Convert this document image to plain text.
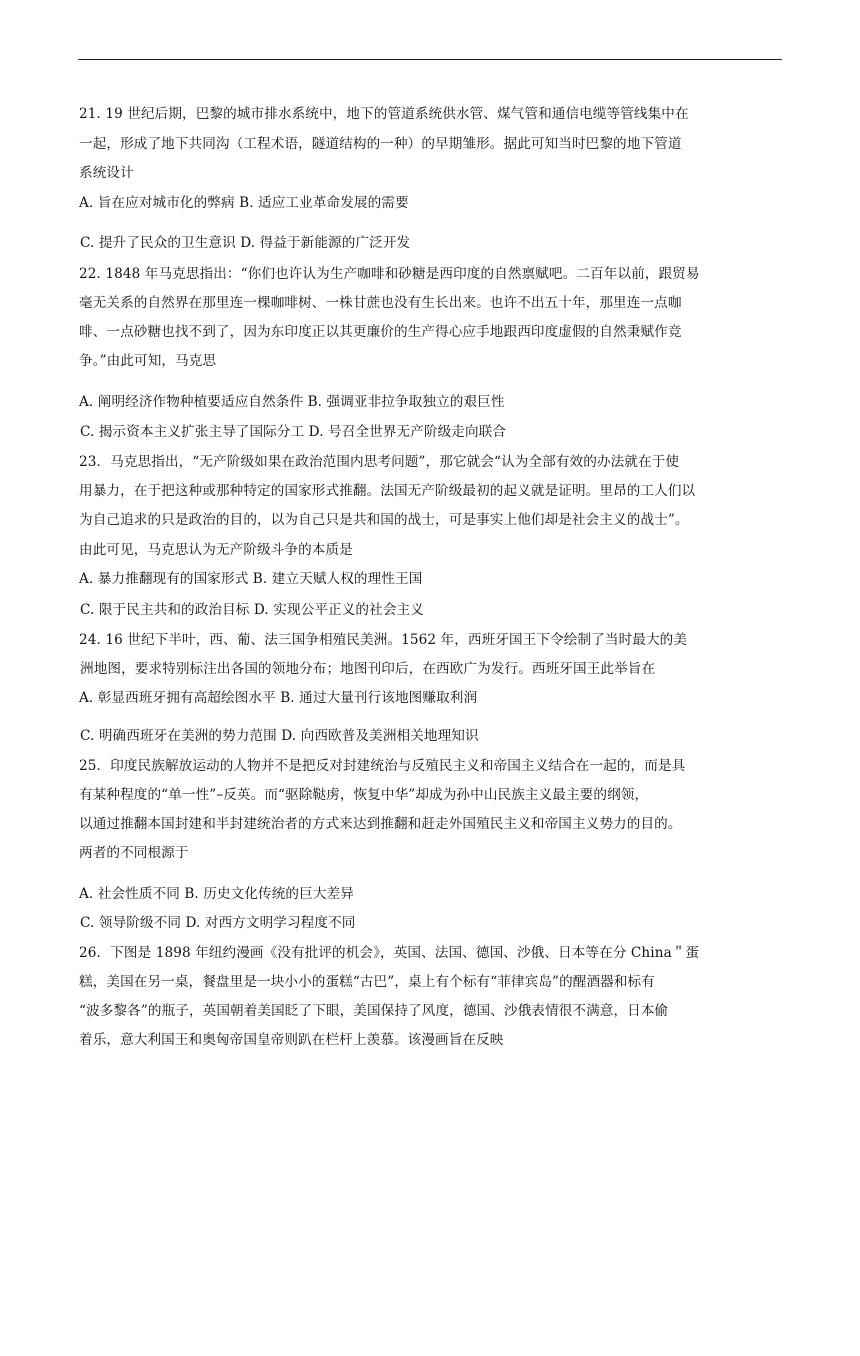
21. 19 世纪后期，巴黎的城市排水系统中，地下的管道系统供水管、煤气管和通信电缆等管线集中在
一起，形成了地下共同沟（工程术语，隧道结构的一种）的早期雏形。据此可知当时巴黎的地下管道
系统设计
A. 旨在应对城市化的弊病 B. 适应工业革命发展的需要
C. 提升了民众的卫生意识 D. 得益于新能源的广泛开发
22. 1848 年马克思指出：“你们也许认为生产咖啡和砂糖是西印度的自然禀赋吧。二百年以前，跟贸易
毫无关系的自然界在那里连一棵咖啡树、一株甘蔗也没有生长出来。也许不出五十年，那里连一点咖
啡、一点砂糖也找不到了，因为东印度正以其更廉价的生产得心应手地跟西印度虚假的自然秉赋作竞
争。”由此可知，马克思
A. 阐明经济作物种植要适应自然条件 B. 强调亚非拉争取独立的艰巨性
C. 揭示资本主义扩张主导了国际分工 D. 号召全世界无产阶级走向联合
23．马克思指出，“无产阶级如果在政治范围内思考问题”，那它就会“认为全部有效的办法就在于使
用暴力，在于把这种或那种特定的国家形式推翻。法国无产阶级最初的起义就是证明。里昂的工人们以
为自己追求的只是政治的目的，以为自己只是共和国的战士，可是事实上他们却是社会主义的战士”。
由此可见，马克思认为无产阶级斗争的本质是
A. 暴力推翻现有的国家形式 B. 建立天赋人权的理性王国
C. 限于民主共和的政治目标 D. 实现公平正义的社会主义
24. 16 世纪下半叶，西、葡、法三国争相殖民美洲。1562 年，西班牙国王下令绘制了当时最大的美
洲地图，要求特别标注出各国的领地分布；地图刊印后，在西欧广为发行。西班牙国王此举旨在
A. 彰显西班牙拥有高超绘图水平 B. 通过大量刊行该地图赚取利润
C. 明确西班牙在美洲的势力范围 D. 向西欧普及美洲相关地理知识
25．印度民族解放运动的人物并不是把反对封建统治与反殖民主义和帝国主义结合在一起的，而是具
有某种程度的“单一性”–反英。而“驱除鞑虏，恢复中华”却成为孙中山民族主义最主要的纲领，
以通过推翻本国封建和半封建统治者的方式来达到推翻和赶走外国殖民主义和帝国主义势力的目的。
两者的不同根源于
A. 社会性质不同 B. 历史文化传统的巨大差异
C. 领导阶级不同 D. 对西方文明学习程度不同
26．下图是 1898 年纽约漫画《没有批评的机会》，英国、法国、德国、沙俄、日本等在分 China＂蛋
糕，美国在另一桌，餐盘里是一块小小的蛋糕“古巴”，桌上有个标有“菲律宾岛”的醒酒器和标有
“波多黎各”的瓶子，英国朝着美国眨了下眼，美国保持了风度，德国、沙俄表情很不满意，日本偷
着乐，意大利国王和奥匈帝国皇帝则趴在栏杆上羡慕。该漫画旨在反映
